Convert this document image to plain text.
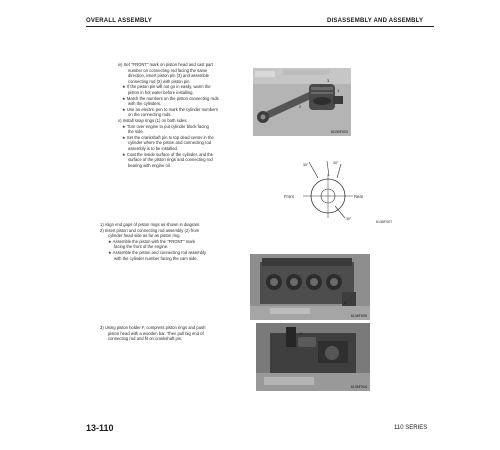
OVERALL ASSEMBLY	DISASSEMBLY AND ASSEMBLY
iv) Set "FRONT" mark on piston head and cast part
number on connecting rod facing the same
direction, insert piston pin (3) and assemble
connecting rod (2) with piston pin.
★ If the piston pin will not go in easily, warm the
piston in hot water before installing.
★ Match the numbers on the piston connecting rods
with the cylinders.
★ Use an electric pen to mark the cylinder numbers
on the connecting rods.
v) Install snap rings (1) on both sides.
★ Turn over engine to put cylinder block facing
the side.
★ Set the crankshaft pin to top dead center in the
cylinder where the piston and connecting rod
assembly is to be installed.
★ Coat the inside surface of the cylinder, and the
surface of the piston rings and connecting rod
bearing with engine oil.
1
2
3
6C0BF003
30°	30°
30°
Front	Rear
6136F007
1) Align end gaps of piston rings as shown in diagram.
2) Insert piston and connecting rod assembly (2) from
cylinder head side as far as piston ring.
★ Assemble the piston with the "FRONT" mark
facing the front of the engine.
★ Assemble the piston and connecting rod assembly
with the cylinder number facing the cam side.
2
6136F095
3) Using piston holder F, compress piston rings and push
piston head with a wooden bar. Then pull big end of
connecting rod and fit on crankshaft pin.
2
6136F204
13-110	110 SERIES
